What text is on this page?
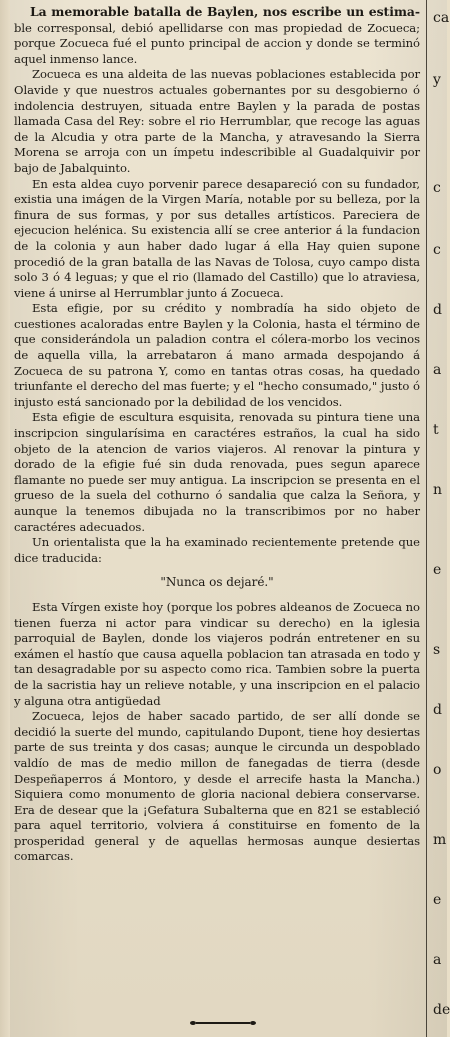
La memorable batalla de Baylen, nos escribe un estima- ble corresponsal, debió apellidarse con mas propiedad de Zocueca; porque Zocueca fué el punto principal de accion y donde se terminó aquel inmenso lance.

Zocueca es una aldeita de las nuevas poblaciones establecida por Olavide y que nuestros actuales gobernantes por su desgobierno ó indolencia destruyen, situada entre Baylen y la parada de postas llamada Casa del Rey: sobre el rio Herrumblar, que recoge las aguas de la Alcudia y otra parte de la Mancha, y atravesando la Sierra Morena se arroja con un ímpetu indescribible al Guadalquivir por bajo de Jabalquinto.

En esta aldea cuyo porvenir parece desapareció con su fundador, existia una imágen de la Virgen María, notable por su belleza, por la finura de sus formas, y por sus detalles artísticos. Pareciera de ejecucion helénica. Su existencia allí se cree anterior á la fundacion de la colonia y aun haber dado lugar á ella Hay quien supone procedió de la gran batalla de las Navas de Tolosa, cuyo campo dista solo 3 ó 4 leguas; y que el rio (llamado del Castillo) que lo atraviesa, viene á unirse al Herrumblar junto á Zocueca.

Esta efigie, por su crédito y nombradía ha sido objeto de cuestiones acaloradas entre Baylen y la Colonia, hasta el término de que considerándola un paladion contra el cólera-morbo los vecinos de aquella villa, la arrebataron á mano armada despojando á Zocueca de su patrona Y, como en tantas otras cosas, ha quedado triunfante el derecho del mas fuerte; y el "hecho consumado," justo ó injusto está sancionado por la debilidad de los vencidos.

Esta efigie de escultura esquisita, renovada su pintura tiene una inscripcion singularísima en caractéres estraños, la cual ha sido objeto de la atencion de varios viajeros. Al renovar la pintura y dorado de la efigie fué sin duda renovada, pues segun aparece flamante no puede ser muy antigua. La inscripcion se presenta en el grueso de la suela del cothurno ó sandalia que calza la Señora, y aunque la tenemos dibujada no la transcribimos por no haber caractéres adecuados.

Un orientalista que la ha examinado recientemente pretende que dice traducida:

"Nunca os dejaré."

Esta Vírgen existe hoy (porque los pobres aldeanos de Zocueca no tienen fuerza ni actor para vindicar su derecho) en la iglesia parroquial de Baylen, donde los viajeros podrán entretener en su exámen el hastío que causa aquella poblacion tan atrasada en todo y tan desagradable por su aspecto como rica. Tambien sobre la puerta de la sacristia hay un relieve notable, y una inscripcion en el palacio y alguna otra antigüedad

Zocueca, lejos de haber sacado partido, de ser allí donde se decidió la suerte del mundo, capitulando Dupont, tiene hoy desiertas parte de sus treinta y dos casas; aunque le circunda un despoblado valdío de mas de medio millon de fanegadas de tierra (desde Despeñaperros á Montoro, y desde el arrecife hasta la Mancha.) Siquiera como monumento de gloria nacional debiera conservarse. Era de desear que la ¡Gefatura Subalterna que en 821 se estableció para aquel territorio, volviera á constituirse en fomento de la prosperidad general y de aquellas hermosas aunque desiertas comarcas.

ca
y
c
c
d
a
t
n
e
s
d
o
m
e
a
de
